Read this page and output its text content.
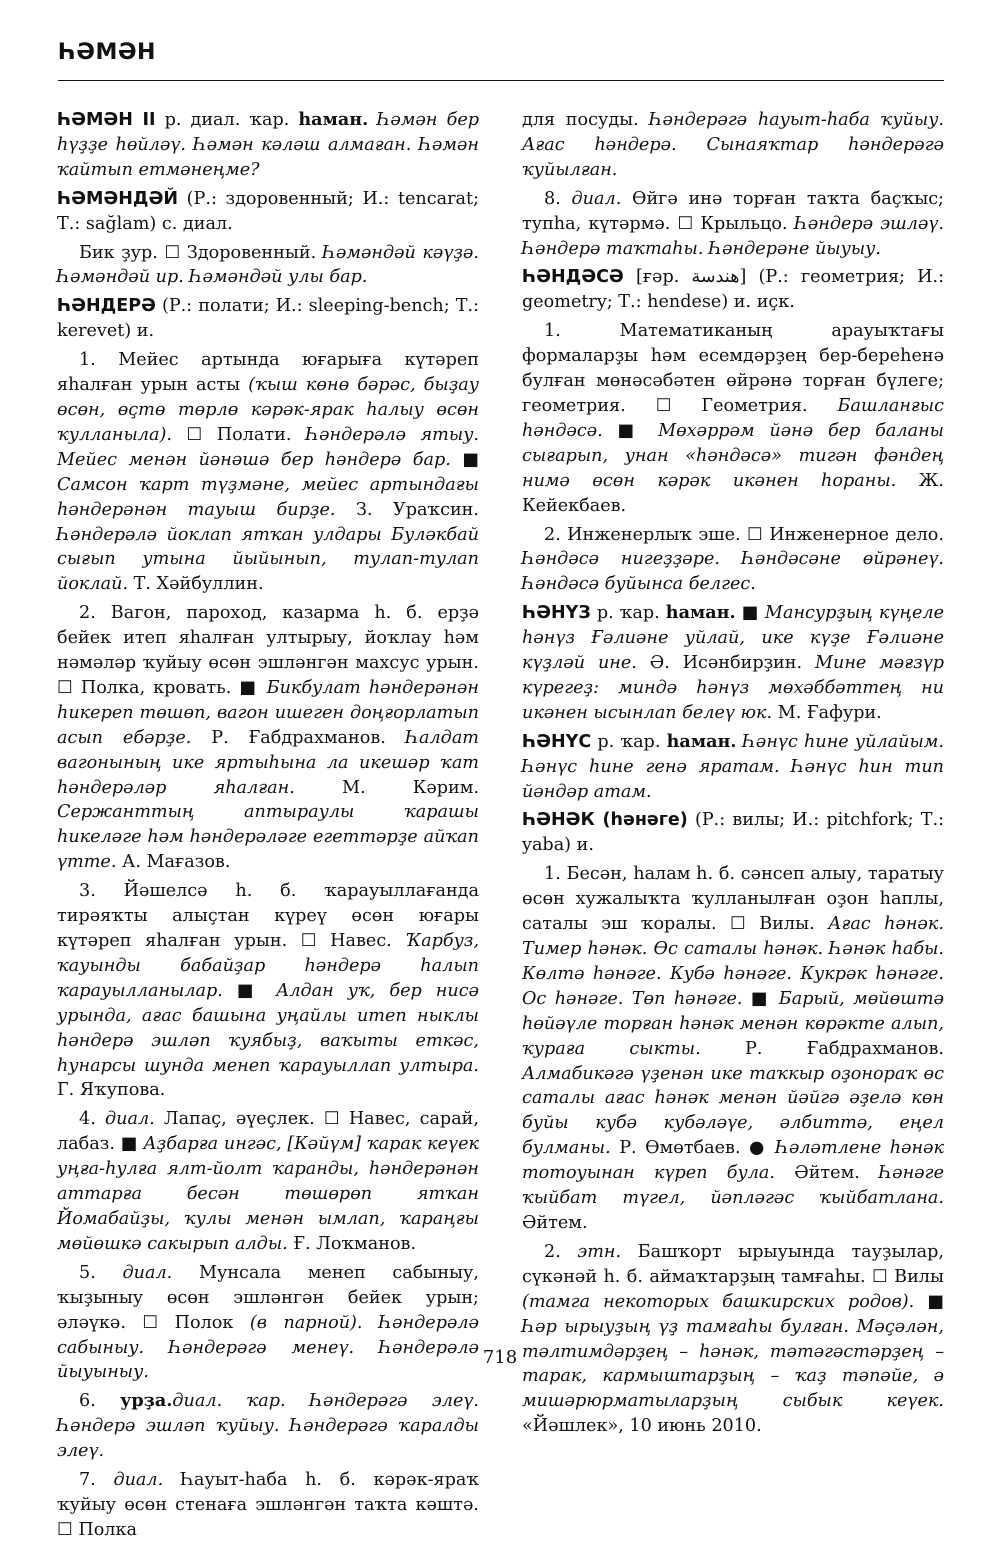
ҺӘМӘН

ҺӘМӘН II р. диал. ҡар. haман. Һәмән бер һүҙҙе һөйләү. Һәмән кәләш алмаған. Һәмән ҡайтып етмәнеңме?

ҺӘМӘНДӘЙ (Р.: здоровенный; И.: tencarat; Т.: sağlam) с. диал.

Бик ҙур. ☐ Здоровенный. Һәмәндәй кәүҙә. Һәмәндәй ир. Һәмәндәй улы бар.

ҺӘНДЕРӘ (Р.: полати; И.: sleeping-bench; Т.: kerevet) и.

1. Мейес артында юғарыға күтәреп яһалған урын асты (ҡыш көнө бәрәс, быҙау өсөн, өҫтө төрлө кәрәк-ярак һалыу өсөн ҡулланыла). ☐ Полати. Һәндерәлә ятыу. Мейес менән йәнәшә бер һәндерә бар. ■ Самсон ҡарт түҙмәне, мейес артындағы һәндерәнән тауыш бирҙе. З. Ураҡсин. Һәндерәлә йоклап ятҡан улдары Буләкбай сығып утына йыйынып, тулап-тулап йоклай. Т. Хәйбуллин.

2. Вагон, пароход, казарма һ. б. ерҙә бейек итеп яһалған ултырыу, йоҡлау һәм нәмәләр ҡуйыу өсөн эшләнгән махсус урын. ☐ Полка, кровать. ■ Бикбулат һәндерәнән һикереп төшөп, вагон ишеген доңғорлатып асып ебәрҙе. Р. Ғабдрахманов. Һалдат вагонының ике яртыһына ла икешәр ҡат һәндерәләр яһалған. М. Кәрим. Сержанттың аптыраулы ҡарашы һикеләге һәм һәндерәләге егеттәрҙе айҡап үтте. А. Мағазов.

3. Йәшелсә һ. б. ҡарауыллағанда тирәяҡты алыҫтан күреү өсөн юғары күтәреп яһалған урын. ☐ Навес. Ҡарбуз, ҡауынды бабайҙар һәндерә һалып ҡарауылланылар. ■ Алдан уҡ, бер нисә урында, ағас башына уңайлы итеп ныклы һәндерә эшләп ҡуябыҙ, ваҡыты еткәс, һунарсы шунда менеп ҡарауыллап ултыра. Г. Яҡупова.

4. диал. Лапаҫ, әүеҫлек. ☐ Навес, сарай, лабаз. ■ Аҙбарға ингәс, [Кәйүм] ҡарак кеүек уңға-һулға ялт-йолт ҡаранды, һәндерәнән аттарға бесән төшөрөп ятҡан Йомабайҙы, ҡулы менән ымлап, ҡараңғы мөйөшкә сакырып алды. Ғ. Лоҡманов.

5. диал. Мунсала менеп сабыныу, ҡыҙыныу өсөн эшләнгән бейек урын; әләүкә. ☐ Полок (в парной). Һәндерәлә сабыныу. Һәндерәгә менеү. Һәндерәлә йыуыныу.

6. урҙа.диал. ҡар. Һәндерәгә элеү. Һәндерә эшләп ҡуйыу. Һәндерәгә ҡаралды элеү.

7. диал. Һауыт-һаба һ. б. кәрәк-яраҡ ҡуйыу өсөн стенаға эшләнгән таҡта кәштә. ☐ Полка

для посуды. Һәндерәгә һауыт-һаба ҡуйыу. Ағас һәндерә. Сынаяҡтар һәндерәгә ҡуйылған.

8. диал. Өйгә инә торған таҡта баҫҡыс; тупһа, күтәрмә. ☐ Крыльцо. Һәндерә эшләү. Һәндерә таҡтаһы. Һәндерәне йыуыу.

ҺӘНДӘСӘ [ғәр. هندسة] (Р.: геометрия; И.: geometry; Т.: hendese) и. иҫк.

1. Математиканың арауыҡтағы формаларҙы һәм есемдәрҙең бер-береһенә булған мөнәсәбәтен өйрәнә торған бүлеге; геометрия. ☐ Геометрия. Башланғыс һәндәсә. ■ Мөхәррәм йәнә бер баланы сығарып, унан «һәндәсә» тигән фәндең нимә өсөн кәрәк икәнен һораны. Ж. Кейекбаев.

2. Инженерлыҡ эше. ☐ Инженерное дело. Һәндәсә нигеҙҙәре. Һәндәсәне өйрәнеү. Һәндәсә буйынса белгес.

ҺӘНҮЗ р. ҡар. haман. ■ Мансурҙың күңеле һәнүз Ғәлиәне уйлай, ике күҙе Ғәлиәне күҙләй ине. Ә. Исәнбирҙин. Мине мәғзүр күрегеҙ: миндә һәнүз мөхәббәттең ни икәнен ысынлап белеү юк. М. Ғафури.

ҺӘНҮС р. ҡар. haман. Һәнүс һине уйлайым. Һәнүс һине генә яратам. Һәнүс һин тип йәндәр атам.

ҺӘНӘК (һәнәге) (Р.: вилы; И.: pitchfork; Т.: yaba) и.

1. Бесән, һалам һ. б. сәнсеп алыу, таратыу өсөн хужалыҡта ҡулланылған оҙон һаплы, саталы эш ҡоралы. ☐ Вилы. Ағас һәнәк. Тимер һәнәк. Өс саталы һәнәк. Һәнәк һабы. Көлтә һәнәге. Кубә һәнәге. Кукрәк һәнәге. Ос һәнәге. Төп һәнәге. ■ Барый, мөйөштә һөйәүле торған һәнәк менән көрәкте алып, ҡураға сыкты. Р. Ғабдрахманов. Алмабикәгә үҙенән ике таҡкыр оҙонораҡ өс саталы ағас һәнәк менән йәйгә әҙелә көн буйы кубә кубәләүе, әлбиттә, еңел булманы. Р. Өмөтбаев. ● Һәләтлене һәнәк тотоуынан күреп була. Әйтем. Һәнәге ҡыйбат түгел, йәпләгәс ҡыйбатлана. Әйтем.

2. этн. Башҡорт ырыуында тауҙылар, сүкәнәй һ. б. аймаҡтарҙың тамғаһы. ☐ Вилы (тамга некоторых башкирских родов). ■ Һәр ырыуҙың үҙ тамғаһы булған. Мәҫәлән, тәлтимдәрҙең – һәнәк, тәтәгәстәрҙең – тарак, кармыштарҙың – ҡаҙ тәпәйе, ә мишәрюрматыларҙың сыбык кеүек. «Йәшлек», 10 июнь 2010.

718
